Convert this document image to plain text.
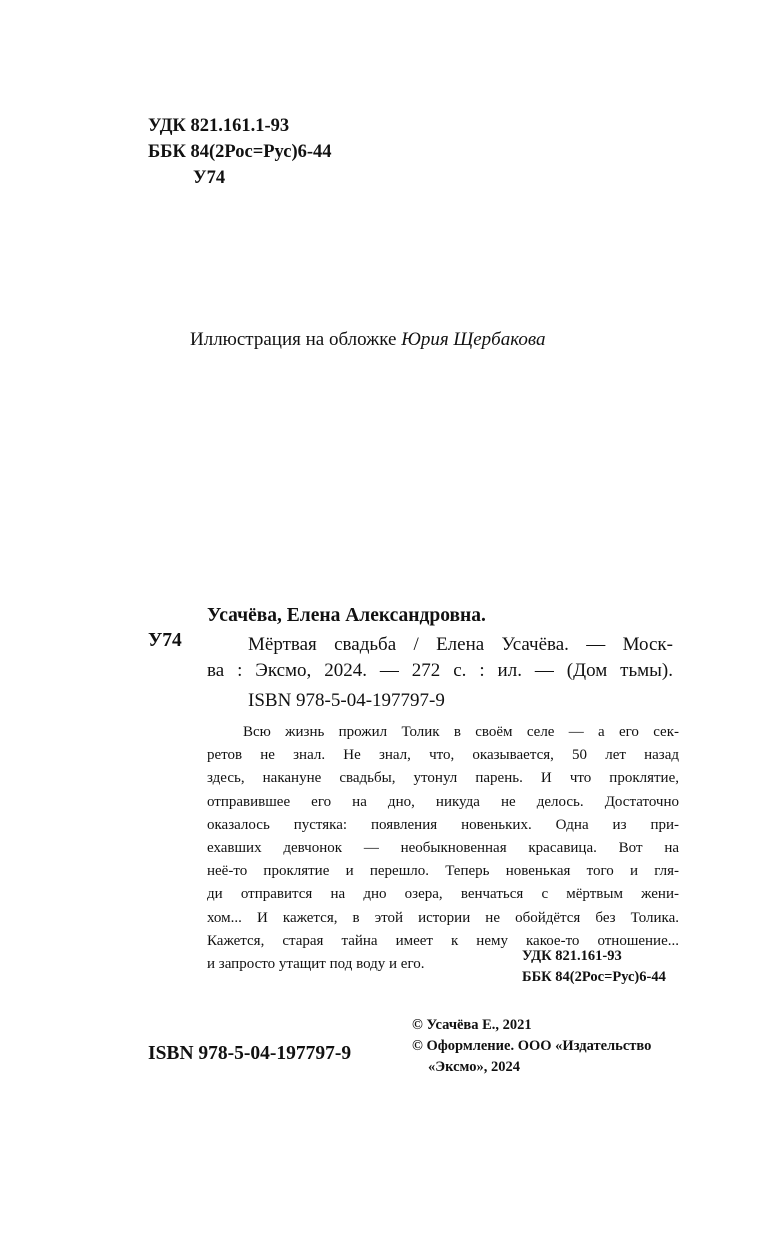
УДК 821.161.1-93
ББК 84(2Рос=Рус)6-44
У74

Иллюстрация на обложке Юрия Щербакова

У74
Усачёва, Елена Александровна.
Мёртвая свадьба / Елена Усачёва. — Моск-
ва : Эксмо, 2024. — 272 с. : ил. — (Дом тьмы).
ISBN 978-5-04-197797-9
Всю жизнь прожил Толик в своём селе — а его сек-
ретов не знал. Не знал, что, оказывается, 50 лет назад
здесь, накануне свадьбы, утонул парень. И что проклятие,
отправившее его на дно, никуда не делось. Достаточно
оказалось пустяка: появления новеньких. Одна из при-
ехавших девчонок — необыкновенная красавица. Вот на
неё-то проклятие и перешло. Теперь новенькая того и гля-
ди отправится на дно озера, венчаться с мёртвым жени-
хом... И кажется, в этой истории не обойдётся без Толика.
Кажется, старая тайна имеет к нему какое-то отношение...
и запросто утащит под воду и его.
УДК 821.161-93
ББК 84(2Рос=Рус)6-44
ISBN 978-5-04-197797-9
© Усачёва Е., 2021
© Оформление. ООО «Издательство
«Эксмо», 2024
